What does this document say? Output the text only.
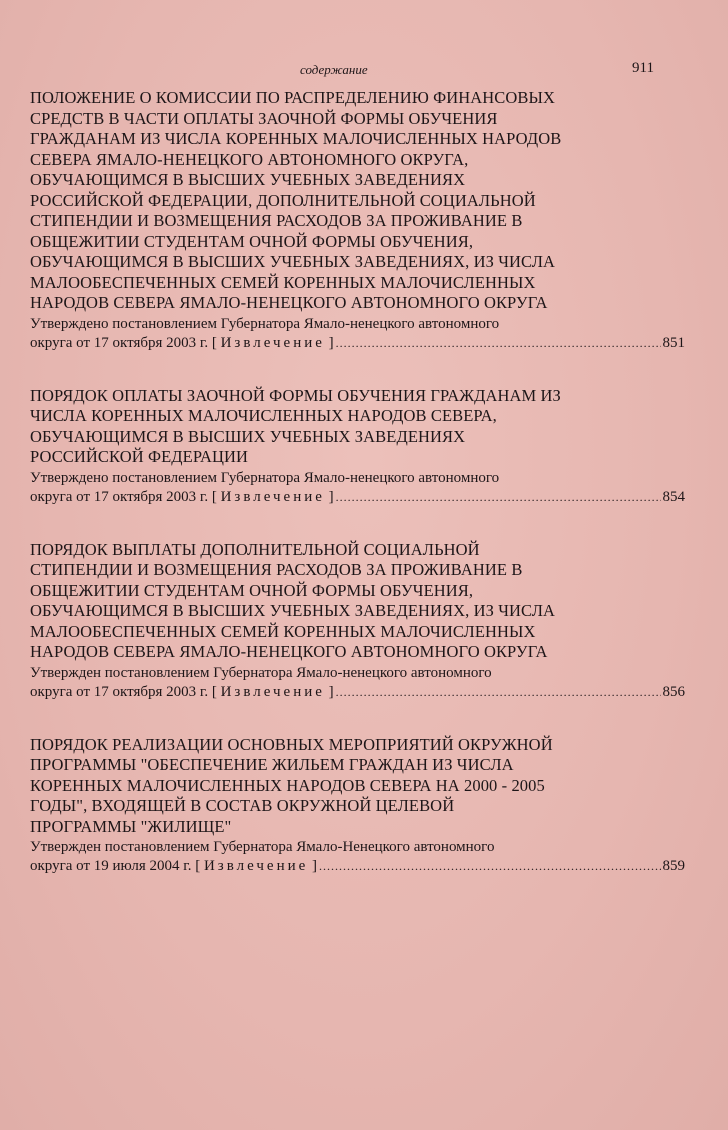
содержание	911
ПОЛОЖЕНИЕ О КОМИССИИ ПО РАСПРЕДЕЛЕНИЮ ФИНАНСОВЫХ
СРЕДСТВ В ЧАСТИ ОПЛАТЫ ЗАОЧНОЙ ФОРМЫ ОБУЧЕНИЯ
ГРАЖДАНАМ ИЗ ЧИСЛА КОРЕННЫХ МАЛОЧИСЛЕННЫХ НАРОДОВ
СЕВЕРА ЯМАЛО-НЕНЕЦКОГО АВТОНОМНОГО ОКРУГА,
ОБУЧАЮЩИМСЯ В ВЫСШИХ УЧЕБНЫХ ЗАВЕДЕНИЯХ
РОССИЙСКОЙ ФЕДЕРАЦИИ, ДОПОЛНИТЕЛЬНОЙ СОЦИАЛЬНОЙ
СТИПЕНДИИ И ВОЗМЕЩЕНИЯ РАСХОДОВ ЗА ПРОЖИВАНИЕ В
ОБЩЕЖИТИИ СТУДЕНТАМ ОЧНОЙ ФОРМЫ ОБУЧЕНИЯ,
ОБУЧАЮЩИМСЯ В ВЫСШИХ УЧЕБНЫХ ЗАВЕДЕНИЯХ, ИЗ ЧИСЛА
МАЛООБЕСПЕЧЕННЫХ СЕМЕЙ КОРЕННЫХ МАЛОЧИСЛЕННЫХ
НАРОДОВ СЕВЕРА ЯМАЛО-НЕНЕЦКОГО АВТОНОМНОГО ОКРУГА
Утверждено постановлением Губернатора Ямало-ненецкого автономного
округа от 17 октября 2003 г. [ Извлечение ] .....	851
ПОРЯДОК ОПЛАТЫ ЗАОЧНОЙ ФОРМЫ ОБУЧЕНИЯ ГРАЖДАНАМ ИЗ
ЧИСЛА КОРЕННЫХ МАЛОЧИСЛЕННЫХ НАРОДОВ СЕВЕРА,
ОБУЧАЮЩИМСЯ В ВЫСШИХ УЧЕБНЫХ ЗАВЕДЕНИЯХ
РОССИЙСКОЙ ФЕДЕРАЦИИ
Утверждено постановлением Губернатора Ямало-ненецкого автономного
округа от 17 октября 2003 г. [ Извлечение ] .....	854
ПОРЯДОК ВЫПЛАТЫ ДОПОЛНИТЕЛЬНОЙ СОЦИАЛЬНОЙ
СТИПЕНДИИ И ВОЗМЕЩЕНИЯ РАСХОДОВ ЗА ПРОЖИВАНИЕ В
ОБЩЕЖИТИИ СТУДЕНТАМ ОЧНОЙ ФОРМЫ ОБУЧЕНИЯ,
ОБУЧАЮЩИМСЯ В ВЫСШИХ УЧЕБНЫХ ЗАВЕДЕНИЯХ, ИЗ ЧИСЛА
МАЛООБЕСПЕЧЕННЫХ СЕМЕЙ КОРЕННЫХ МАЛОЧИСЛЕННЫХ
НАРОДОВ СЕВЕРА ЯМАЛО-НЕНЕЦКОГО АВТОНОМНОГО ОКРУГА
Утвержден постановлением Губернатора Ямало-ненецкого автономного
округа от 17 октября 2003 г. [ Извлечение ] .....	856
ПОРЯДОК РЕАЛИЗАЦИИ ОСНОВНЫХ МЕРОПРИЯТИЙ ОКРУЖНОЙ
ПРОГРАММЫ "ОБЕСПЕЧЕНИЕ ЖИЛЬЕМ ГРАЖДАН ИЗ ЧИСЛА
КОРЕННЫХ МАЛОЧИСЛЕННЫХ НАРОДОВ СЕВЕРА НА 2000 - 2005
ГОДЫ", ВХОДЯЩЕЙ В СОСТАВ ОКРУЖНОЙ ЦЕЛЕВОЙ
ПРОГРАММЫ "ЖИЛИЩЕ"
Утвержден постановлением Губернатора Ямало-Ненецкого автономного
округа от 19 июля 2004 г. [ Извлечение ] .....	859
